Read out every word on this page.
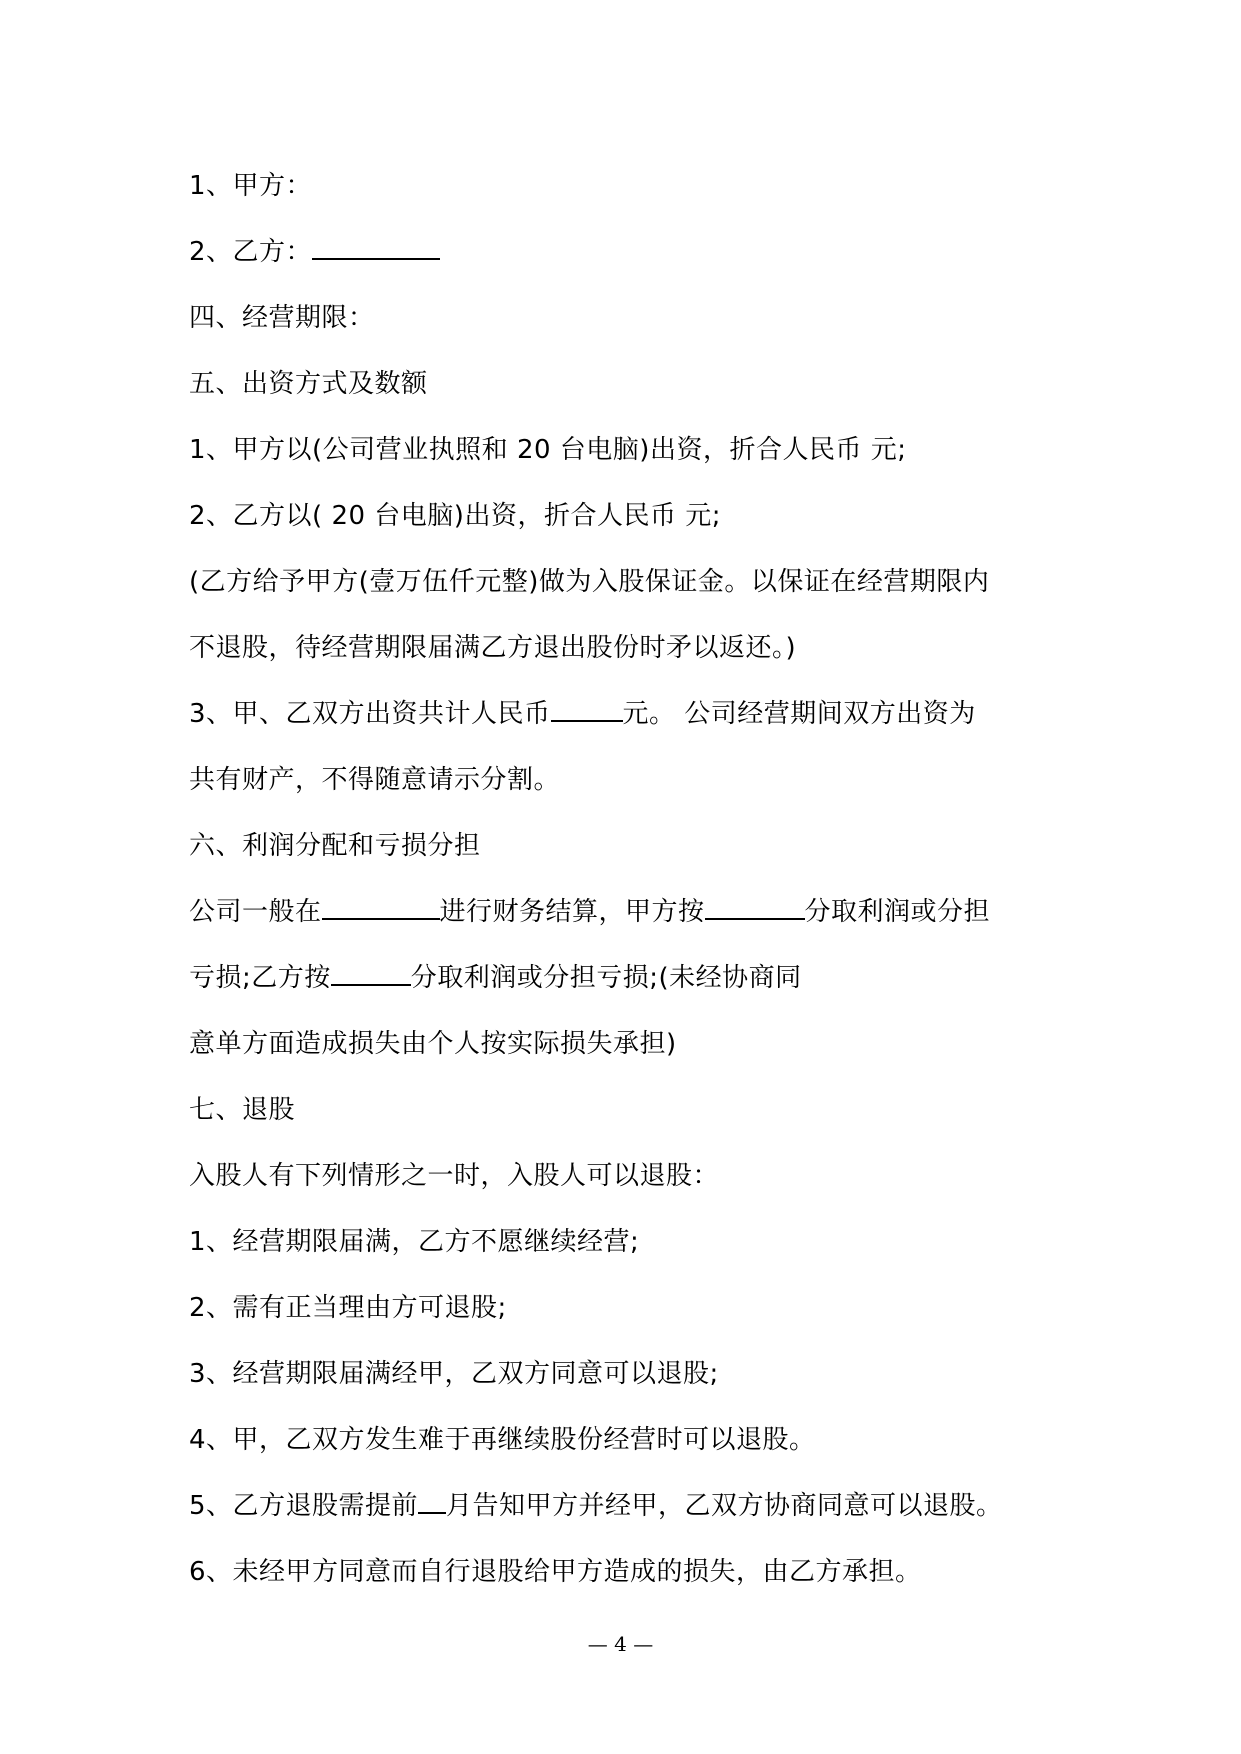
1、甲方：
2、乙方：
四、经营期限：
五、出资方式及数额
1、甲方以(公司营业执照和 20 台电脑)出资，折合人民币 元;
2、乙方以( 20 台电脑)出资，折合人民币 元;
(乙方给予甲方(壹万伍仟元整)做为入股保证金。以保证在经营期限内
不退股，待经营期限届满乙方退出股份时矛以返还。)
3、甲、乙双方出资共计人民币	元。 公司经营期间双方出资为
共有财产，不得随意请示分割。
六、利润分配和亏损分担
公司一般在	进行财务结算，甲方按	分取利润或分担
亏损;乙方按	分取利润或分担亏损;(未经协商同
意单方面造成损失由个人按实际损失承担)
七、退股
入股人有下列情形之一时，入股人可以退股：
1、经营期限届满，乙方不愿继续经营;
2、需有正当理由方可退股;
3、经营期限届满经甲，乙双方同意可以退股;
4、甲，乙双方发生难于再继续股份经营时可以退股。
5、乙方退股需提前 月告知甲方并经甲，乙双方协商同意可以退股。
6、未经甲方同意而自行退股给甲方造成的损失，由乙方承担。
— 4 —
